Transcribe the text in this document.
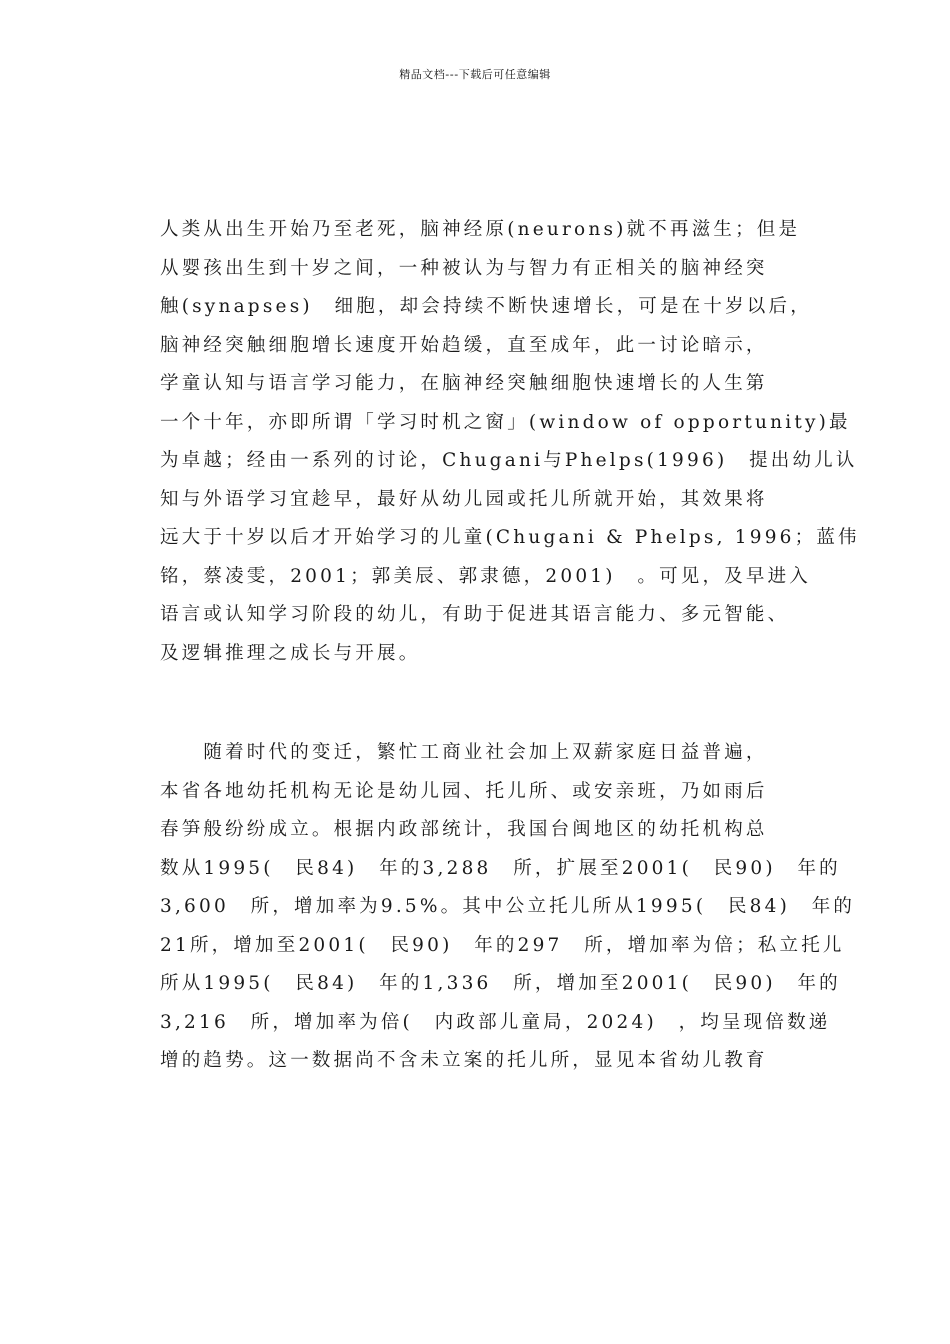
精品文档---下载后可任意编辑
人类从出生开始乃至老死，脑神经原(neurons)就不再滋生；但是
从婴孩出生到十岁之间，一种被认为与智力有正相关的脑神经突
触(synapses)　细胞，却会持续不断快速增长，可是在十岁以后，
脑神经突触细胞增长速度开始趋缓，直至成年，此一讨论暗示，
学童认知与语言学习能力，在脑神经突触细胞快速增长的人生第
一个十年，亦即所谓「学习时机之窗」(window of opportunity)最
为卓越；经由一系列的讨论，Chugani与Phelps(1996)　提出幼儿认
知与外语学习宜趁早，最好从幼儿园或托儿所就开始，其效果将
远大于十岁以后才开始学习的儿童(Chugani & Phelps, 1996；蓝伟
铭，蔡凌雯，2001；郭美辰、郭隶德，2001)　。可见，及早进入
语言或认知学习阶段的幼儿，有助于促进其语言能力、多元智能、
及逻辑推理之成长与开展。
　　随着时代的变迁，繁忙工商业社会加上双薪家庭日益普遍，
本省各地幼托机构无论是幼儿园、托儿所、或安亲班，乃如雨后
春笋般纷纷成立。根据内政部统计，我国台闽地区的幼托机构总
数从1995(　民84)　年的3,288　所，扩展至2001(　民90)　年的
3,600　所，增加率为9.5%。其中公立托儿所从1995(　民84)　年的
21所，增加至2001(　民90)　年的297　所，增加率为倍；私立托儿
所从1995(　民84)　年的1,336　所，增加至2001(　民90)　年的
3,216　所，增加率为倍(　内政部儿童局，2024)　，均呈现倍数递
增的趋势。这一数据尚不含未立案的托儿所，显见本省幼儿教育
